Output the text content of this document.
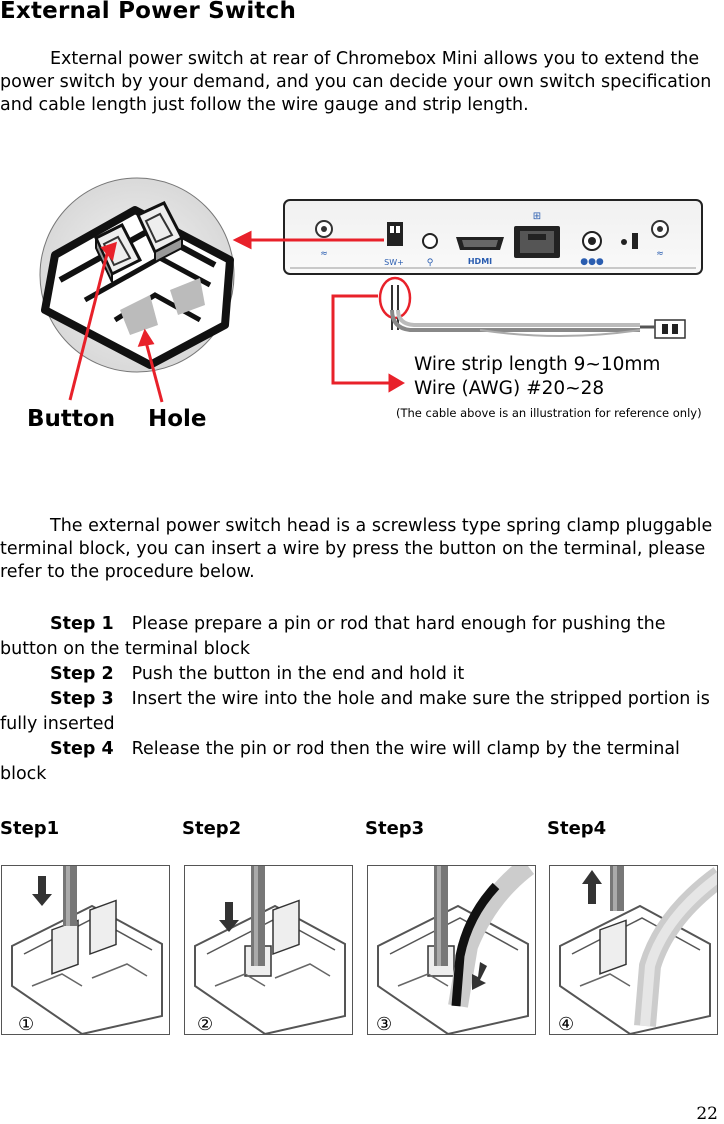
External Power Switch

External power switch at rear of Chromebox Mini allows you to extend the power switch by your demand, and you can decide your own switch specification and cable length just follow the wire gauge and strip length.

≈
SW+	⚲	HDMI
⊞
●●●
≈
Button Hole
Wire strip length 9~10mm
Wire (AWG) #20~28
(The cable above is an illustration for reference only)

The external power switch head is a screwless type spring clamp pluggable terminal block, you can insert a wire by press the button on the terminal, please refer to the procedure below.

Step 1 Please prepare a pin or rod that hard enough for pushing the button on the terminal block

Step 2 Push the button in the end and hold it

Step 3 Insert the wire into the hole and make sure the stripped portion is fully inserted

Step 4 Release the pin or rod then the wire will clamp by the terminal block

Step1	Step2	Step3	Step4
①	②	③	④
22
